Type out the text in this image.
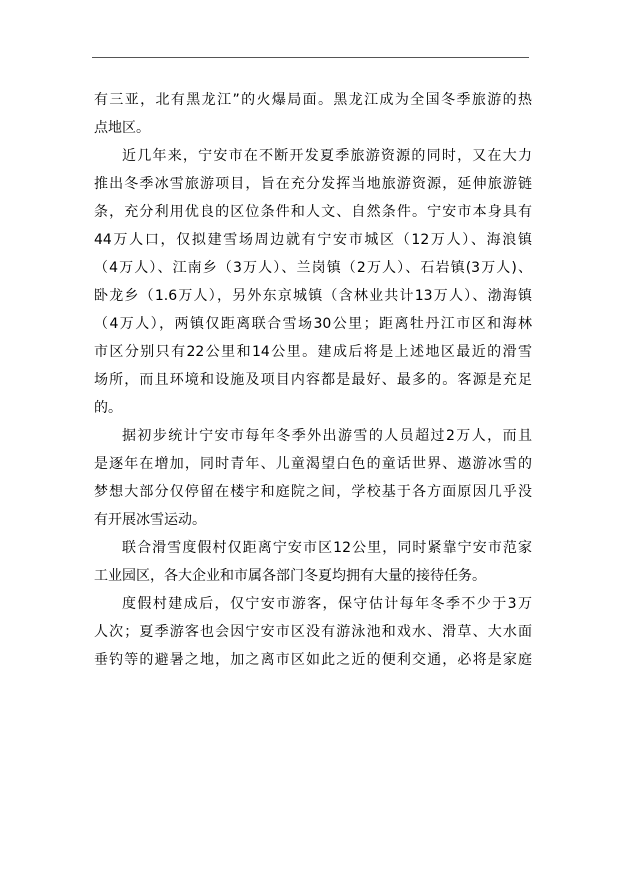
有三亚，北有黑龙江”的火爆局面。黑龙江成为全国冬季旅游的热
点地区。
近几年来，宁安市在不断开发夏季旅游资源的同时，又在大力
推出冬季冰雪旅游项目，旨在充分发挥当地旅游资源，延伸旅游链
条，充分利用优良的区位条件和人文、自然条件。宁安市本身具有
44万人口，仅拟建雪场周边就有宁安市城区（12万人）、海浪镇
（4万人）、江南乡（3万人）、兰岗镇（2万人）、石岩镇(3万人)、
卧龙乡（1.6万人），另外东京城镇（含林业共计13万人）、渤海镇
（4万人），两镇仅距离联合雪场30公里；距离牡丹江市区和海林
市区分别只有22公里和14公里。建成后将是上述地区最近的滑雪
场所，而且环境和设施及项目内容都是最好、最多的。客源是充足
的。
据初步统计宁安市每年冬季外出游雪的人员超过2万人，而且
是逐年在增加，同时青年、儿童渴望白色的童话世界、遨游冰雪的
梦想大部分仅停留在楼宇和庭院之间，学校基于各方面原因几乎没
有开展冰雪运动。
联合滑雪度假村仅距离宁安市区12公里，同时紧靠宁安市范家
工业园区，各大企业和市属各部门冬夏均拥有大量的接待任务。
度假村建成后，仅宁安市游客，保守估计每年冬季不少于3万
人次；夏季游客也会因宁安市区没有游泳池和戏水、滑草、大水面
垂钓等的避暑之地，加之离市区如此之近的便利交通，必将是家庭
